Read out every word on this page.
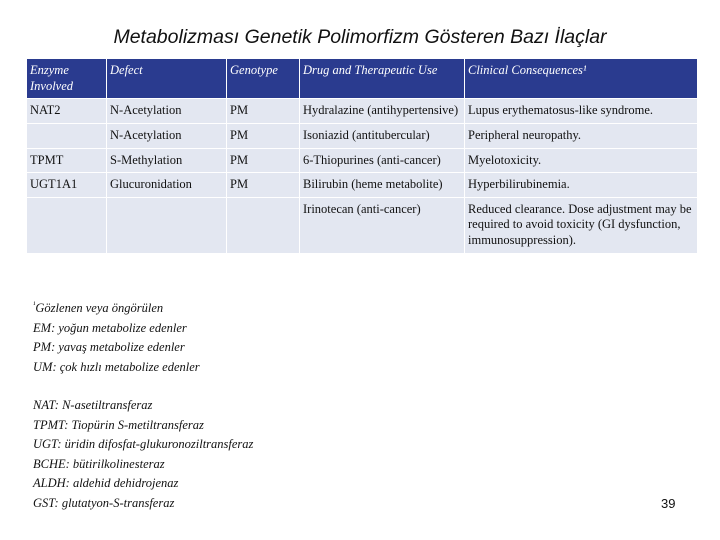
Metabolizması Genetik Polimorfizm Gösteren Bazı İlaçlar
Enzyme Involved	Defect	Genotype	Drug and Therapeutic Use	Clinical Consequences¹
NAT2	N-Acetylation	PM	Hydralazine (antihypertensive)	Lupus erythematosus-like syndrome.
	N-Acetylation	PM	Isoniazid (antitubercular)	Peripheral neuropathy.
TPMT	S-Methylation	PM	6-Thiopurines (anti-cancer)	Myelotoxicity.
UGT1A1	Glucuronidation	PM	Bilirubin (heme metabolite)	Hyperbilirubinemia.
			Irinotecan (anti-cancer)	Reduced clearance. Dose adjustment may be required to avoid toxicity (GI dysfunction, immunosuppression).
$^{^1}$Gözlenen veya öngörülen
EM: yoğun metabolize edenler
PM: yavaş metabolize edenler
UM: çok hızlı metabolize edenler
NAT: N-asetiltransferaz
TPMT: Tiopürin S-metiltransferaz
UGT: üridin difosfat-glukuronoziltransferaz
BCHE: bütirilkolinesteraz
ALDH: aldehid dehidrojenaz
GST: glutatyon-S-transferaz	39
